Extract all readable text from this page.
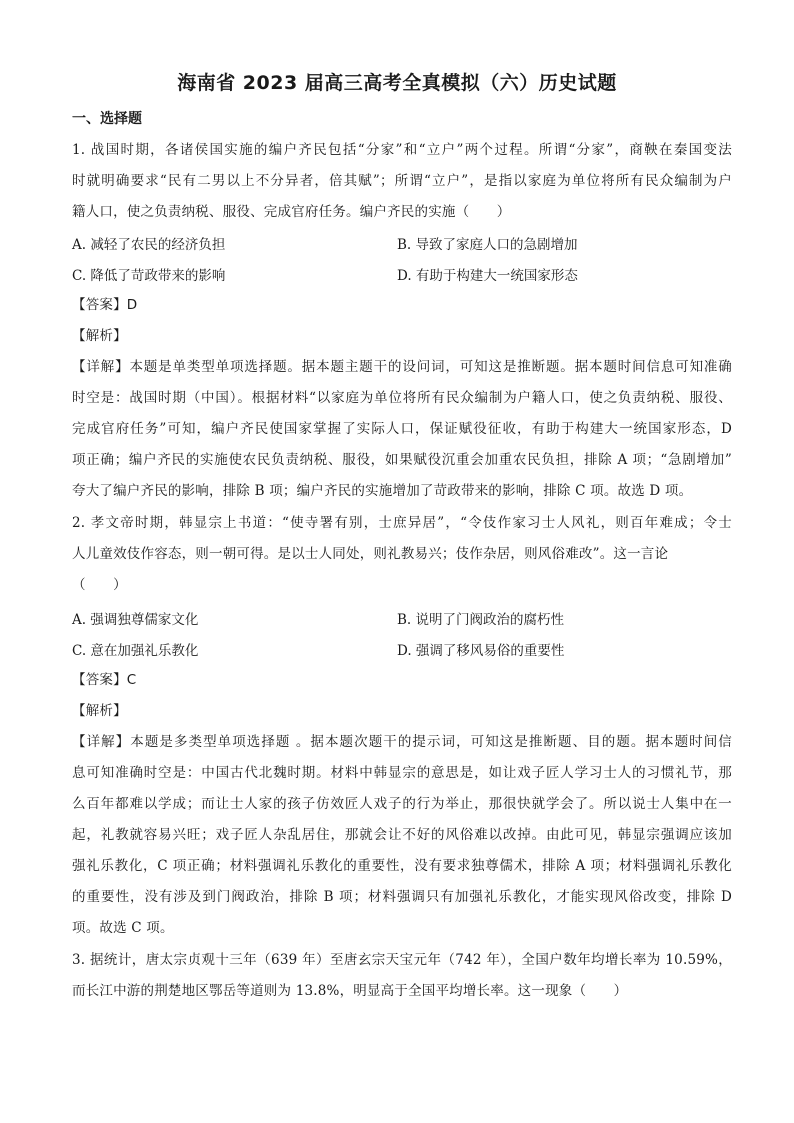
海南省 2023 届高三高考全真模拟（六）历史试题
一、选择题
1. 战国时期，各诸侯国实施的编户齐民包括“分家”和“立户”两个过程。所谓“分家”，商鞅在秦国变法
时就明确要求“民有二男以上不分异者，倍其赋”；所谓“立户”，是指以家庭为单位将所有民众编制为户
籍人口，使之负责纳税、服役、完成官府任务。编户齐民的实施（　　）
A. 减轻了农民的经济负担	B. 导致了家庭人口的急剧增加
C. 降低了苛政带来的影响	D. 有助于构建大一统国家形态
【答案】D
【解析】
【详解】本题是单类型单项选择题。据本题主题干的设问词，可知这是推断题。据本题时间信息可知准确
时空是：战国时期（中国）。根据材料“以家庭为单位将所有民众编制为户籍人口，使之负责纳税、服役、
完成官府任务”可知，编户齐民使国家掌握了实际人口，保证赋役征收，有助于构建大一统国家形态，D
项正确；编户齐民的实施使农民负责纳税、服役，如果赋役沉重会加重农民负担，排除 A 项；“急剧增加”
夸大了编户齐民的影响，排除 B 项；编户齐民的实施增加了苛政带来的影响，排除 C 项。故选 D 项。
2. 孝文帝时期，韩显宗上书道：“使寺署有别，士庶异居”，“令伎作家习士人风礼，则百年难成；令士
人儿童效伎作容态，则一朝可得。是以士人同处，则礼教易兴；伎作杂居，则风俗难改”。这一言论
（　　）
A. 强调独尊儒家文化	B. 说明了门阀政治的腐朽性
C. 意在加强礼乐教化	D. 强调了移风易俗的重要性
【答案】C
【解析】
【详解】本题是多类型单项选择题 。据本题次题干的提示词，可知这是推断题、目的题。据本题时间信
息可知准确时空是：中国古代北魏时期。材料中韩显宗的意思是，如让戏子匠人学习士人的习惯礼节，那
么百年都难以学成；而让士人家的孩子仿效匠人戏子的行为举止，那很快就学会了。所以说士人集中在一
起，礼教就容易兴旺；戏子匠人杂乱居住，那就会让不好的风俗难以改掉。由此可见，韩显宗强调应该加
强礼乐教化，C 项正确；材料强调礼乐教化的重要性，没有要求独尊儒术，排除 A 项；材料强调礼乐教化
的重要性，没有涉及到门阀政治，排除 B 项；材料强调只有加强礼乐教化，才能实现风俗改变，排除 D
项。故选 C 项。
3. 据统计，唐太宗贞观十三年（639 年）至唐玄宗天宝元年（742 年），全国户数年均增长率为 10.59%，
而长江中游的荆楚地区鄂岳等道则为 13.8%，明显高于全国平均增长率。这一现象（　　）
